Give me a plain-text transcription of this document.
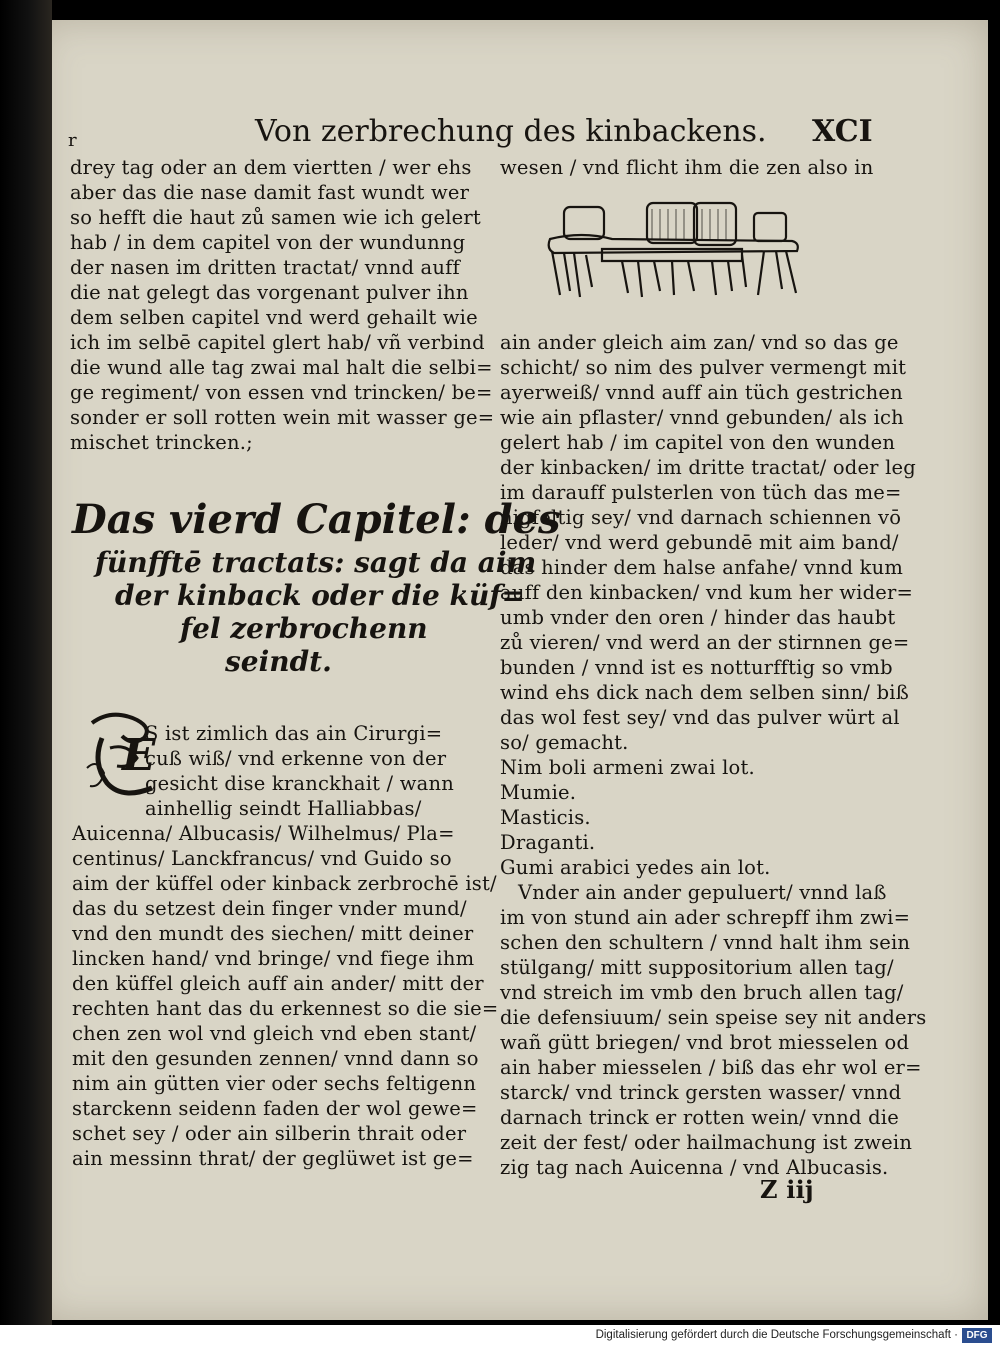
r	Von zerbrechung des kinbackens. XCI
drey tag oder an dem viertten / wer ehs
aber das die nase damit fast wundt wer
so hefft die haut zů samen wie ich gelert
hab / in dem capitel von der wundunng
der nasen im dritten tractat/ vnnd auff
die nat gelegt das vorgenant pulver ihn
dem selben capitel vnd werd gehailt wie
ich im selbē capitel glert hab/ vñ verbind
die wund alle tag zwai mal halt die selbi=
ge regiment/ von essen vnd trincken/ be=
sonder er soll rotten wein mit wasser ge=
mischet trincken.;
Das vierd Capitel: des
fünfftē tractats: sagt da aim
der kinback oder die küf=
fel zerbrochenn
seindt.
E
S ist zimlich das ain Cirurgi=
cuß wiß/ vnd erkenne von der
gesicht dise kranckhait / wann
ainhellig seindt Halliabbas/
Auicenna/ Albucasis/ Wilhelmus/ Pla=
centinus/ Lanckfrancus/ vnd Guido so
aim der küffel oder kinback zerbrochē ist/
das du setzest dein finger vnder mund/
vnd den mundt des siechen/ mitt deiner
lincken hand/ vnd bringe/ vnd fiege ihm
den küffel gleich auff ain ander/ mitt der
rechten hant das du erkennest so die sie=
chen zen wol vnd gleich vnd eben stant/
mit den gesunden zennen/ vnnd dann so
nim ain gütten vier oder sechs feltigenn
starckenn seidenn faden der wol gewe=
schet sey / oder ain silberin thrait oder
ain messinn thrat/ der geglüwet ist ge=
wesen / vnd flicht ihm die zen also in
ain ander gleich aim zan/ vnd so das ge
schicht/ so nim des pulver vermengt mit
ayerweiß/ vnnd auff ain tüch gestrichen
wie ain pflaster/ vnnd gebunden/ als ich
gelert hab / im capitel von den wunden
der kinbacken/ im dritte tractat/ oder leg
im darauff pulsterlen von tüch das me=
nigfeltig sey/ vnd darnach schiennen vō
leder/ vnd werd gebundē mit aim band/
das hinder dem halse anfahe/ vnnd kum
auff den kinbacken/ vnd kum her wider=
umb vnder den oren / hinder das haubt
zů vieren/ vnd werd an der stirnnen ge=
bunden / vnnd ist es notturfftig so vmb
wind ehs dick nach dem selben sinn/ biß
das wol fest sey/ vnd das pulver würt al
so/ gemacht.
Nim boli armeni zwai lot.
Mumie.
Masticis.
Draganti.
Gumi arabici yedes ain lot.
Vnder ain ander gepuluert/ vnnd laß
im von stund ain ader schrepff ihm zwi=
schen den schultern / vnnd halt ihm sein
stülgang/ mitt suppositorium allen tag/
vnd streich im vmb den bruch allen tag/
die defensiuum/ sein speise sey nit anders
wañ gütt briegen/ vnd brot miesselen od
ain haber miesselen / biß das ehr wol er=
starck/ vnd trinck gersten wasser/ vnnd
darnach trinck er rotten wein/ vnnd die
zeit der fest/ oder hailmachung ist zwein
zig tag nach Auicenna / vnd Albucasis.
Z iij
Digitalisierung gefördert durch die Deutsche Forschungsgemeinschaft · DFG
